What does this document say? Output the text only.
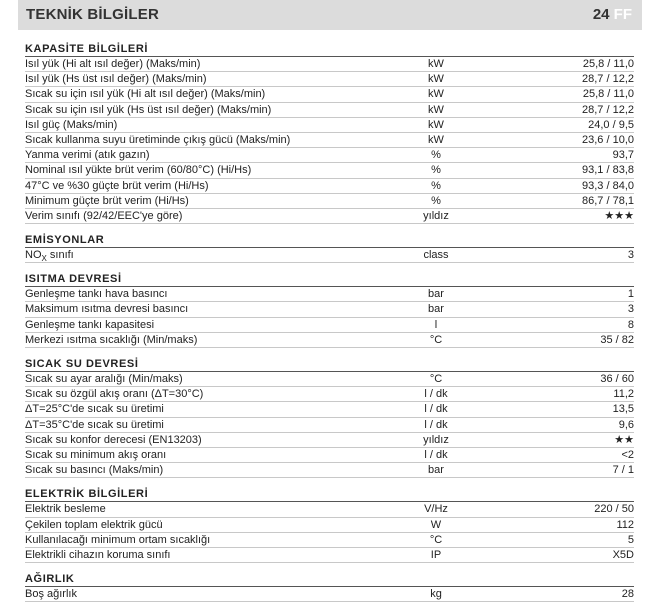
TEKNİK BİLGİLER	24 FF
KAPASİTE BİLGİLERİ
Isıl yük (Hi alt ısıl değer) (Maks/min)	kW	25,8 / 11,0
Isıl yük (Hs üst ısıl değer) (Maks/min)	kW	28,7 / 12,2
Sıcak su için ısıl yük (Hi alt ısıl değer) (Maks/min)	kW	25,8 / 11,0
Sıcak su için ısıl yük (Hs üst ısıl değer) (Maks/min)	kW	28,7 / 12,2
Isıl güç (Maks/min)	kW	24,0 / 9,5
Sıcak kullanma suyu üretiminde çıkış gücü (Maks/min)	kW	23,6 / 10,0
Yanma verimi (atık gazın)	%	93,7
Nominal ısıl yükte brüt verim (60/80°C) (Hi/Hs)	%	93,1 / 83,8
47°C ve %30 güçte brüt verim (Hi/Hs)	%	93,3 / 84,0
Minimum güçte brüt verim (Hi/Hs)	%	86,7 / 78,1
Verim sınıfı (92/42/EEC'ye göre)	yıldız	★★★
EMİSYONLAR
$NO_X$ sınıfı	class	3
ISITMA DEVRESİ
Genleşme tankı hava basıncı	bar	1
Maksimum ısıtma devresi basıncı	bar	3
Genleşme tankı kapasitesi	l	8
Merkezi ısıtma sıcaklığı (Min/maks)	°C	35 / 82
SICAK SU DEVRESİ
Sıcak su ayar aralığı (Min/maks)	°C	36 / 60
Sıcak su özgül akış oranı (ΔT=30°C)	l / dk	11,2
ΔT=25°C'de sıcak su üretimi	l / dk	13,5
ΔT=35°C'de sıcak su üretimi	l / dk	9,6
Sıcak su konfor derecesi (EN13203)	yıldız	★★
Sıcak su minimum akış oranı	l / dk	<2
Sıcak su basıncı (Maks/min)	bar	7 / 1
ELEKTRİK BİLGİLERİ
Elektrik besleme	V/Hz	220 / 50
Çekilen toplam elektrik gücü	W	112
Kullanılacağı minimum ortam sıcaklığı	°C	5
Elektrikli cihazın koruma sınıfı	IP	X5D
AĞIRLIK
Boş ağırlık	kg	28
